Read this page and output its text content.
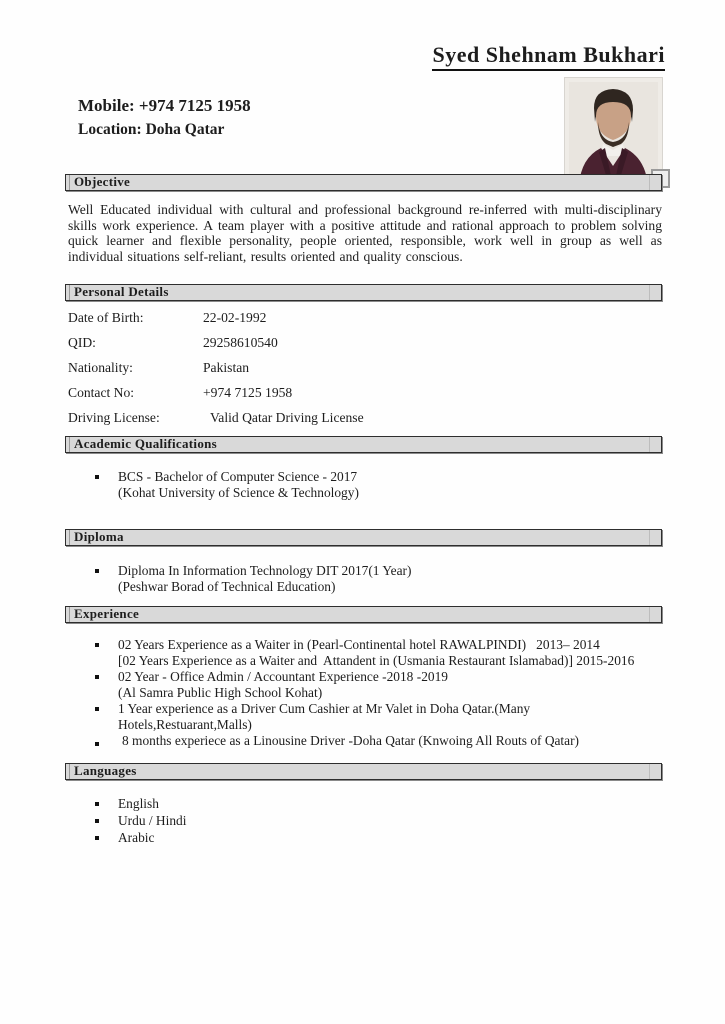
Syed Shehnam Bukhari
Mobile: +974 7125 1958
Location: Doha Qatar
Objective

Well Educated individual with cultural and professional background re-inferred with multi-disciplinary skills work experience. A team player with a positive attitude and rational approach to problem solving quick learner and flexible personality, people oriented, responsible, work well in group as well as individual situations self-reliant, results oriented and quality conscious.

Personal Details
Date of Birth:	22-02-1992
QID:	29258610540
Nationality:	Pakistan
Contact No:	+974 7125 1958
Driving License:	Valid Qatar Driving License
Academic Qualifications
BCS - Bachelor of Computer Science - 2017
(Kohat University of Science & Technology)
Diploma
Diploma In Information Technology DIT 2017(1 Year)
(Peshwar Borad of Technical Education)
Experience
02 Years Experience as a Waiter in (Pearl-Continental hotel RAWALPINDI)   2013– 2014
[02 Years Experience as a Waiter and  Attandent in (Usmania Restaurant Islamabad)] 2015-2016
02 Year - Office Admin / Accountant Experience -2018 -2019
(Al Samra Public High School Kohat)
1 Year experience as a Driver Cum Cashier at Mr Valet in Doha Qatar.(Many Hotels,Restuarant,Malls)
8 months experiece as a Linousine Driver -Doha Qatar (Knwoing All Routs of Qatar)
Languages
English
Urdu / Hindi
Arabic
